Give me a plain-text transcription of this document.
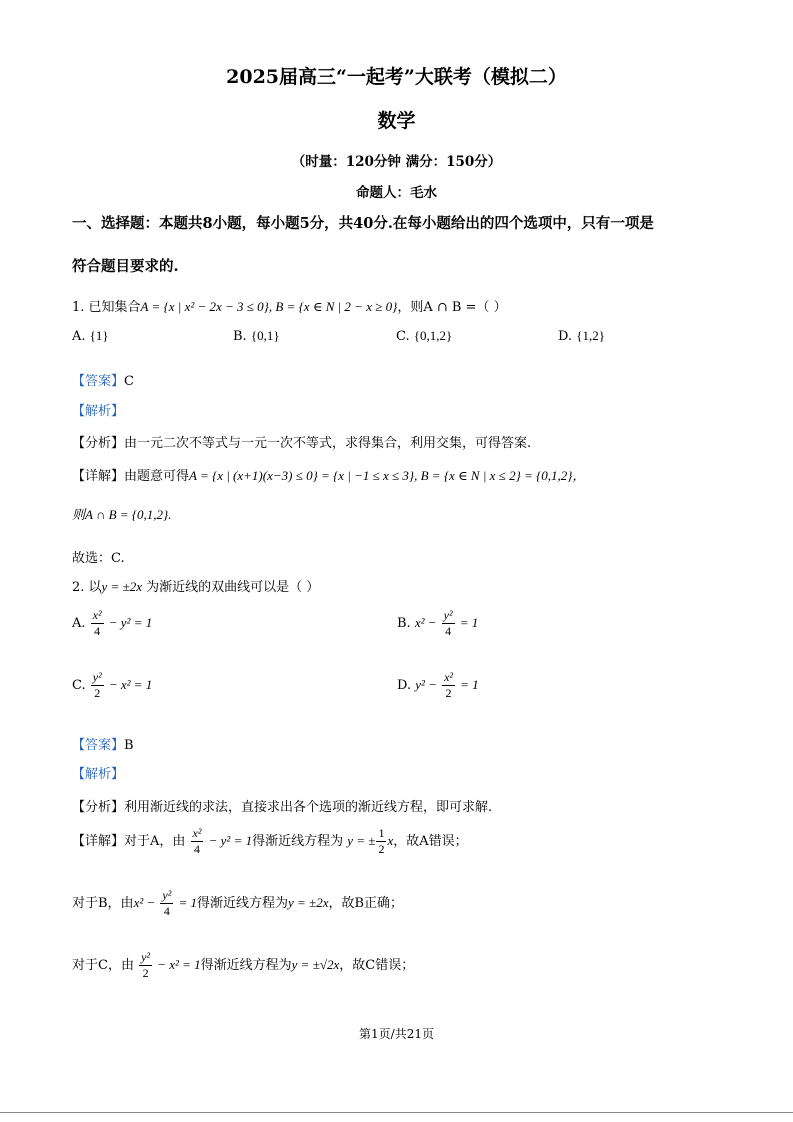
2025届高三“一起考”大联考（模拟二）
数学
（时量：120分钟 满分：150分）
命题人：毛水
一、选择题：本题共8小题，每小题5分，共40分.在每小题给出的四个选项中，只有一项是
符合题目要求的.
1. 已知集合A = {x | x² − 2x − 3 ≤ 0}, B = {x ∈ N | 2 − x ≥ 0}，则A ∩ B =（ ）
A. {1}	B. {0,1}	C. {0,1,2}	D. {1,2}
【答案】C
【解析】
【分析】由一元二次不等式与一元一次不等式，求得集合，利用交集，可得答案.
【详解】由题意可得A = {x | (x+1)(x−3) ≤ 0} = {x | −1 ≤ x ≤ 3}, B = {x ∈ N | x ≤ 2} = {0,1,2}，
则A ∩ B = {0,1,2}.
故选：C.
2. 以y = ±2x 为渐近线的双曲线可以是（ ）
A. $\frac{\text{x²}}{4} - y^2 = 1$	B. $x^2 - \frac{\text{y²}}{4} = 1$
C. $\frac{\text{y²}}{2} - x^2 = 1$	D. $y^2 - \frac{\text{x²}}{2} = 1$
【答案】B
【解析】
【分析】利用渐近线的求法，直接求出各个选项的渐近线方程，即可求解.
【详解】对于A，由 $\frac{\text{x²}}{4} - y^2 = 1$得渐近线方程为 y = ± $\frac{1}{2}$ x，故A错误；
对于B，由$x^2 - \frac{\text{y²}}{4} = 1$得渐近线方程为y = ±2x，故B正确；
对于C，由 $\frac{\text{y²}}{2} - x^2 = 1$得渐近线方程为y = ±√2x，故C错误；
第1页/共21页
